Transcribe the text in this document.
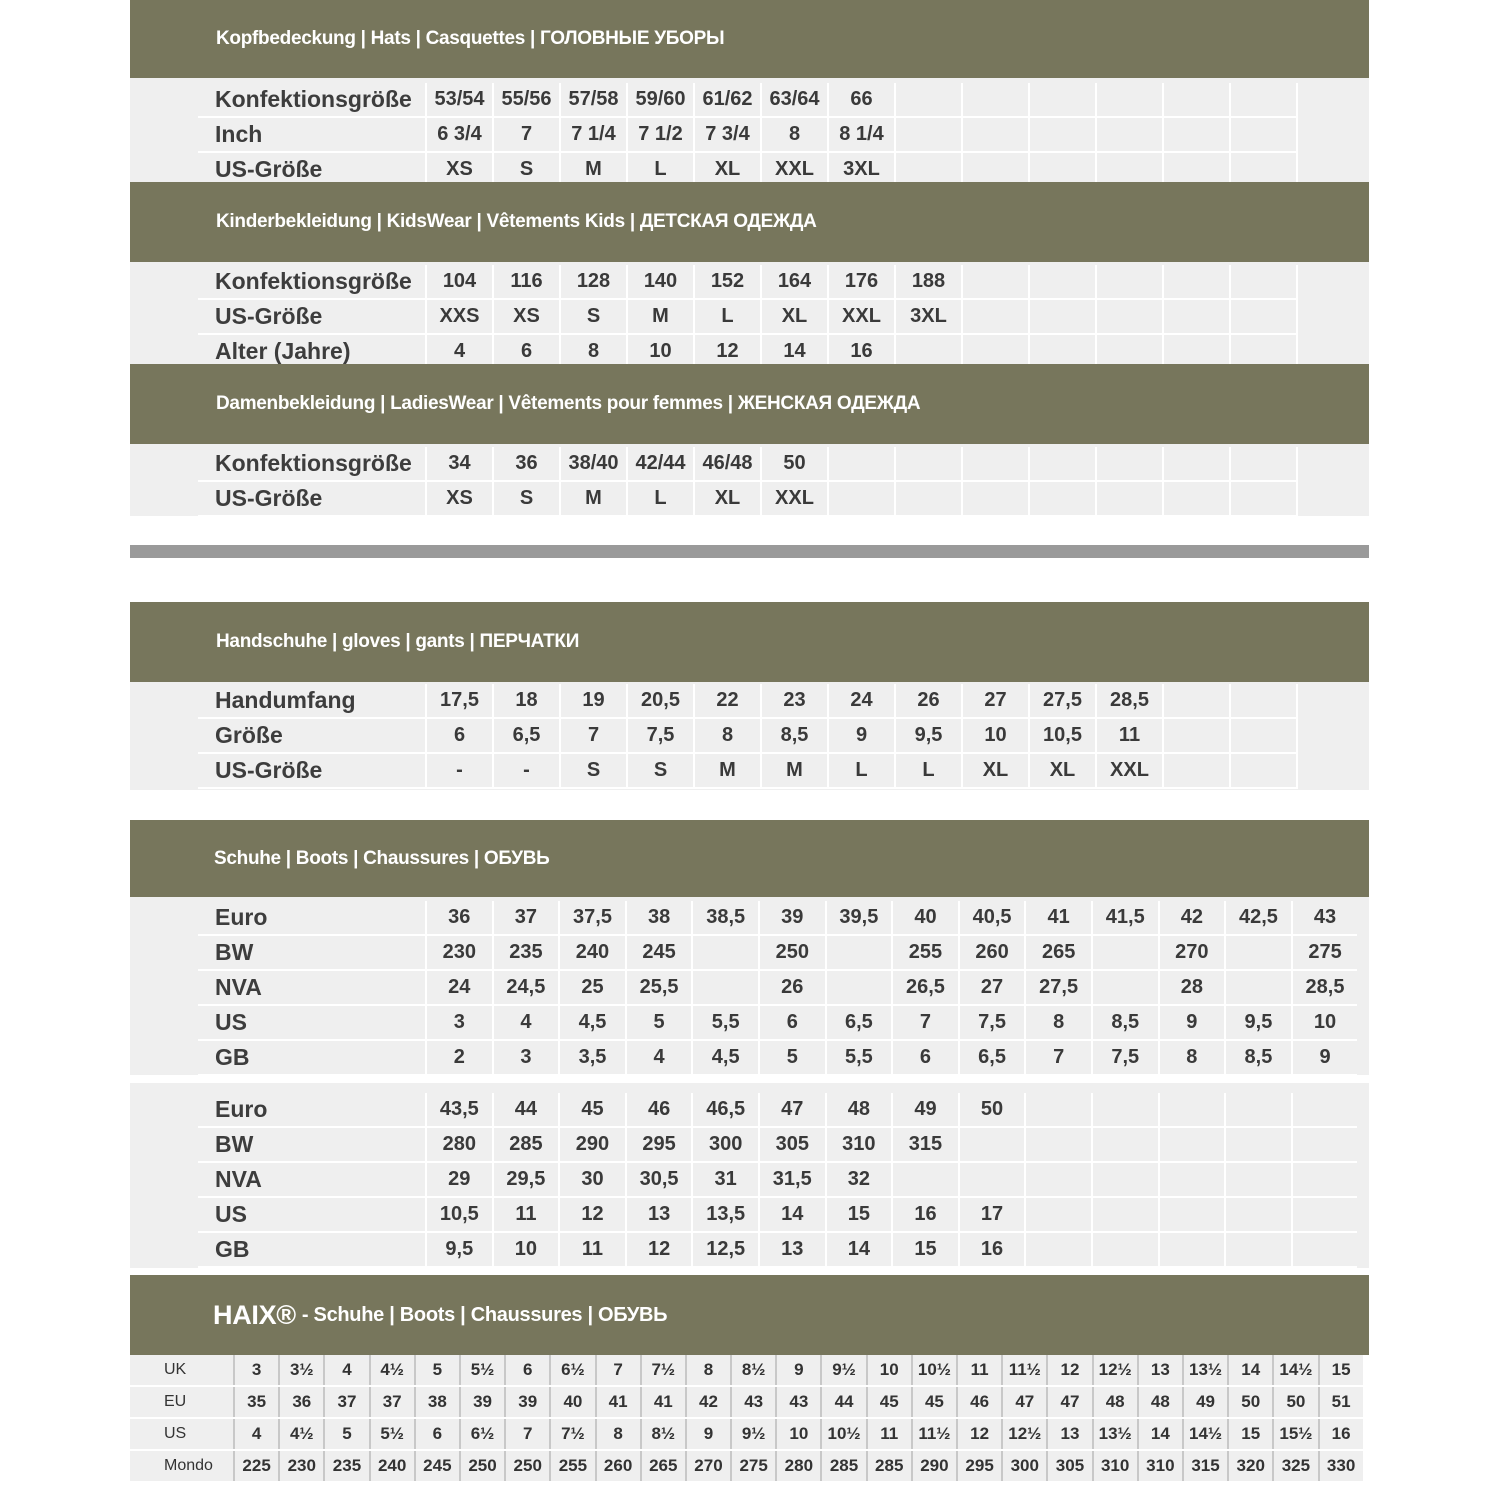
Kopfbedeckung | Hats | Casquettes | ГОЛОВНЫЕ УБОРЫ
Konfektionsgröße	53/54	55/56	57/58	59/60	61/62	63/64	66							
Inch	6 3/4	7	7 1/4	7 1/2	7 3/4	8	8 1/4							
US-Größe	XS	S	M	L	XL	XXL	3XL							
Kinderbekleidung | KidsWear | Vêtements Kids | ДЕТСКАЯ ОДЕЖДА
Konfektionsgröße	104	116	128	140	152	164	176	188						
US-Größe	XXS	XS	S	M	L	XL	XXL	3XL						
Alter (Jahre)	4	6	8	10	12	14	16							
Damenbekleidung | LadiesWear | Vêtements pour femmes | ЖЕНСКАЯ ОДЕЖДА
Konfektionsgröße	34	36	38/40	42/44	46/48	50								
US-Größe	XS	S	M	L	XL	XXL								
Handschuhe | gloves | gants | ПЕРЧАТКИ
Handumfang	17,5	18	19	20,5	22	23	24	26	27	27,5	28,5			
Größe	6	6,5	7	7,5	8	8,5	9	9,5	10	10,5	11			
US-Größe	-	-	S	S	M	M	L	L	XL	XL	XXL			
Schuhe | Boots | Chaussures | ОБУВЬ
Euro	36	37	37,5	38	38,5	39	39,5	40	40,5	41	41,5	42	42,5	43
BW	230	235	240	245		250		255	260	265		270		275
NVA	24	24,5	25	25,5		26		26,5	27	27,5		28		28,5
US	3	4	4,5	5	5,5	6	6,5	7	7,5	8	8,5	9	9,5	10
GB	2	3	3,5	4	4,5	5	5,5	6	6,5	7	7,5	8	8,5	9
Euro	43,5	44	45	46	46,5	47	48	49	50					
BW	280	285	290	295	300	305	310	315						
NVA	29	29,5	30	30,5	31	31,5	32							
US	10,5	11	12	13	13,5	14	15	16	17					
GB	9,5	10	11	12	12,5	13	14	15	16					
HAIX® - Schuhe | Boots | Chaussures | ОБУВЬ
UK	3	3½	4	4½	5	5½	6	6½	7	7½	8	8½	9	9½	10	10½	11	11½	12	12½	13	13½	14	14½	15
EU	35	36	37	37	38	39	39	40	41	41	42	43	43	44	45	45	46	47	47	48	48	49	50	50	51
US	4	4½	5	5½	6	6½	7	7½	8	8½	9	9½	10	10½	11	11½	12	12½	13	13½	14	14½	15	15½	16
Mondo	225	230	235	240	245	250	250	255	260	265	270	275	280	285	285	290	295	300	305	310	310	315	320	325	330
